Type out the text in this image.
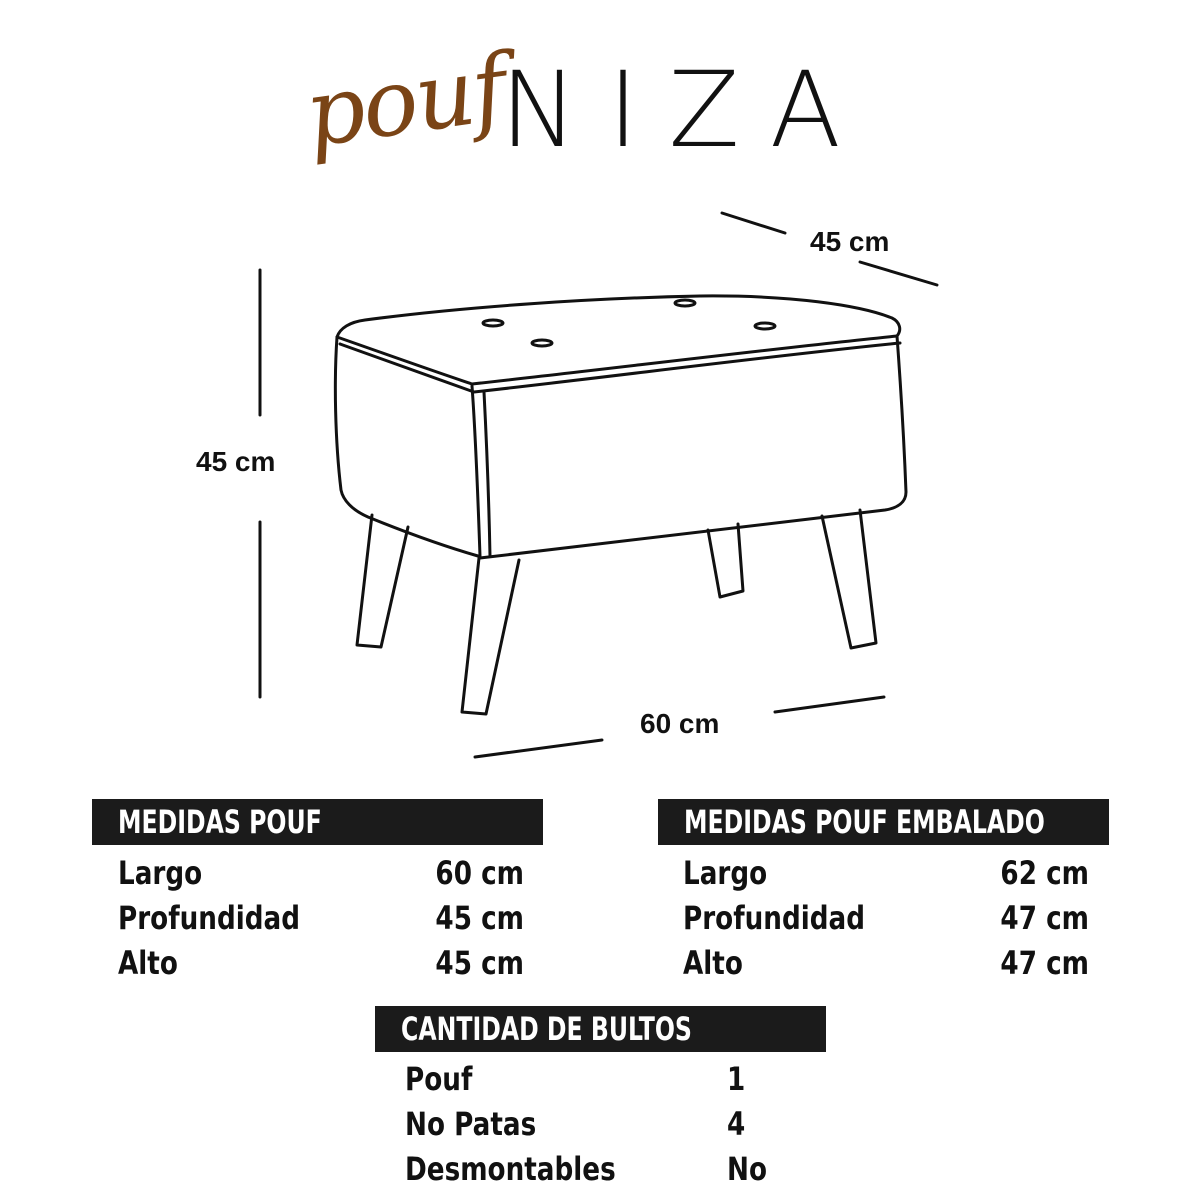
pouf
NIZA
45 cm
45 cm
60 cm
MEDIDAS POUF
Largo	60 cm
Profundidad	45 cm
Alto	45 cm
MEDIDAS POUF EMBALADO
Largo	62 cm
Profundidad	47 cm
Alto	47 cm
CANTIDAD DE BULTOS
Pouf	1
No Patas	4
Desmontables	No
